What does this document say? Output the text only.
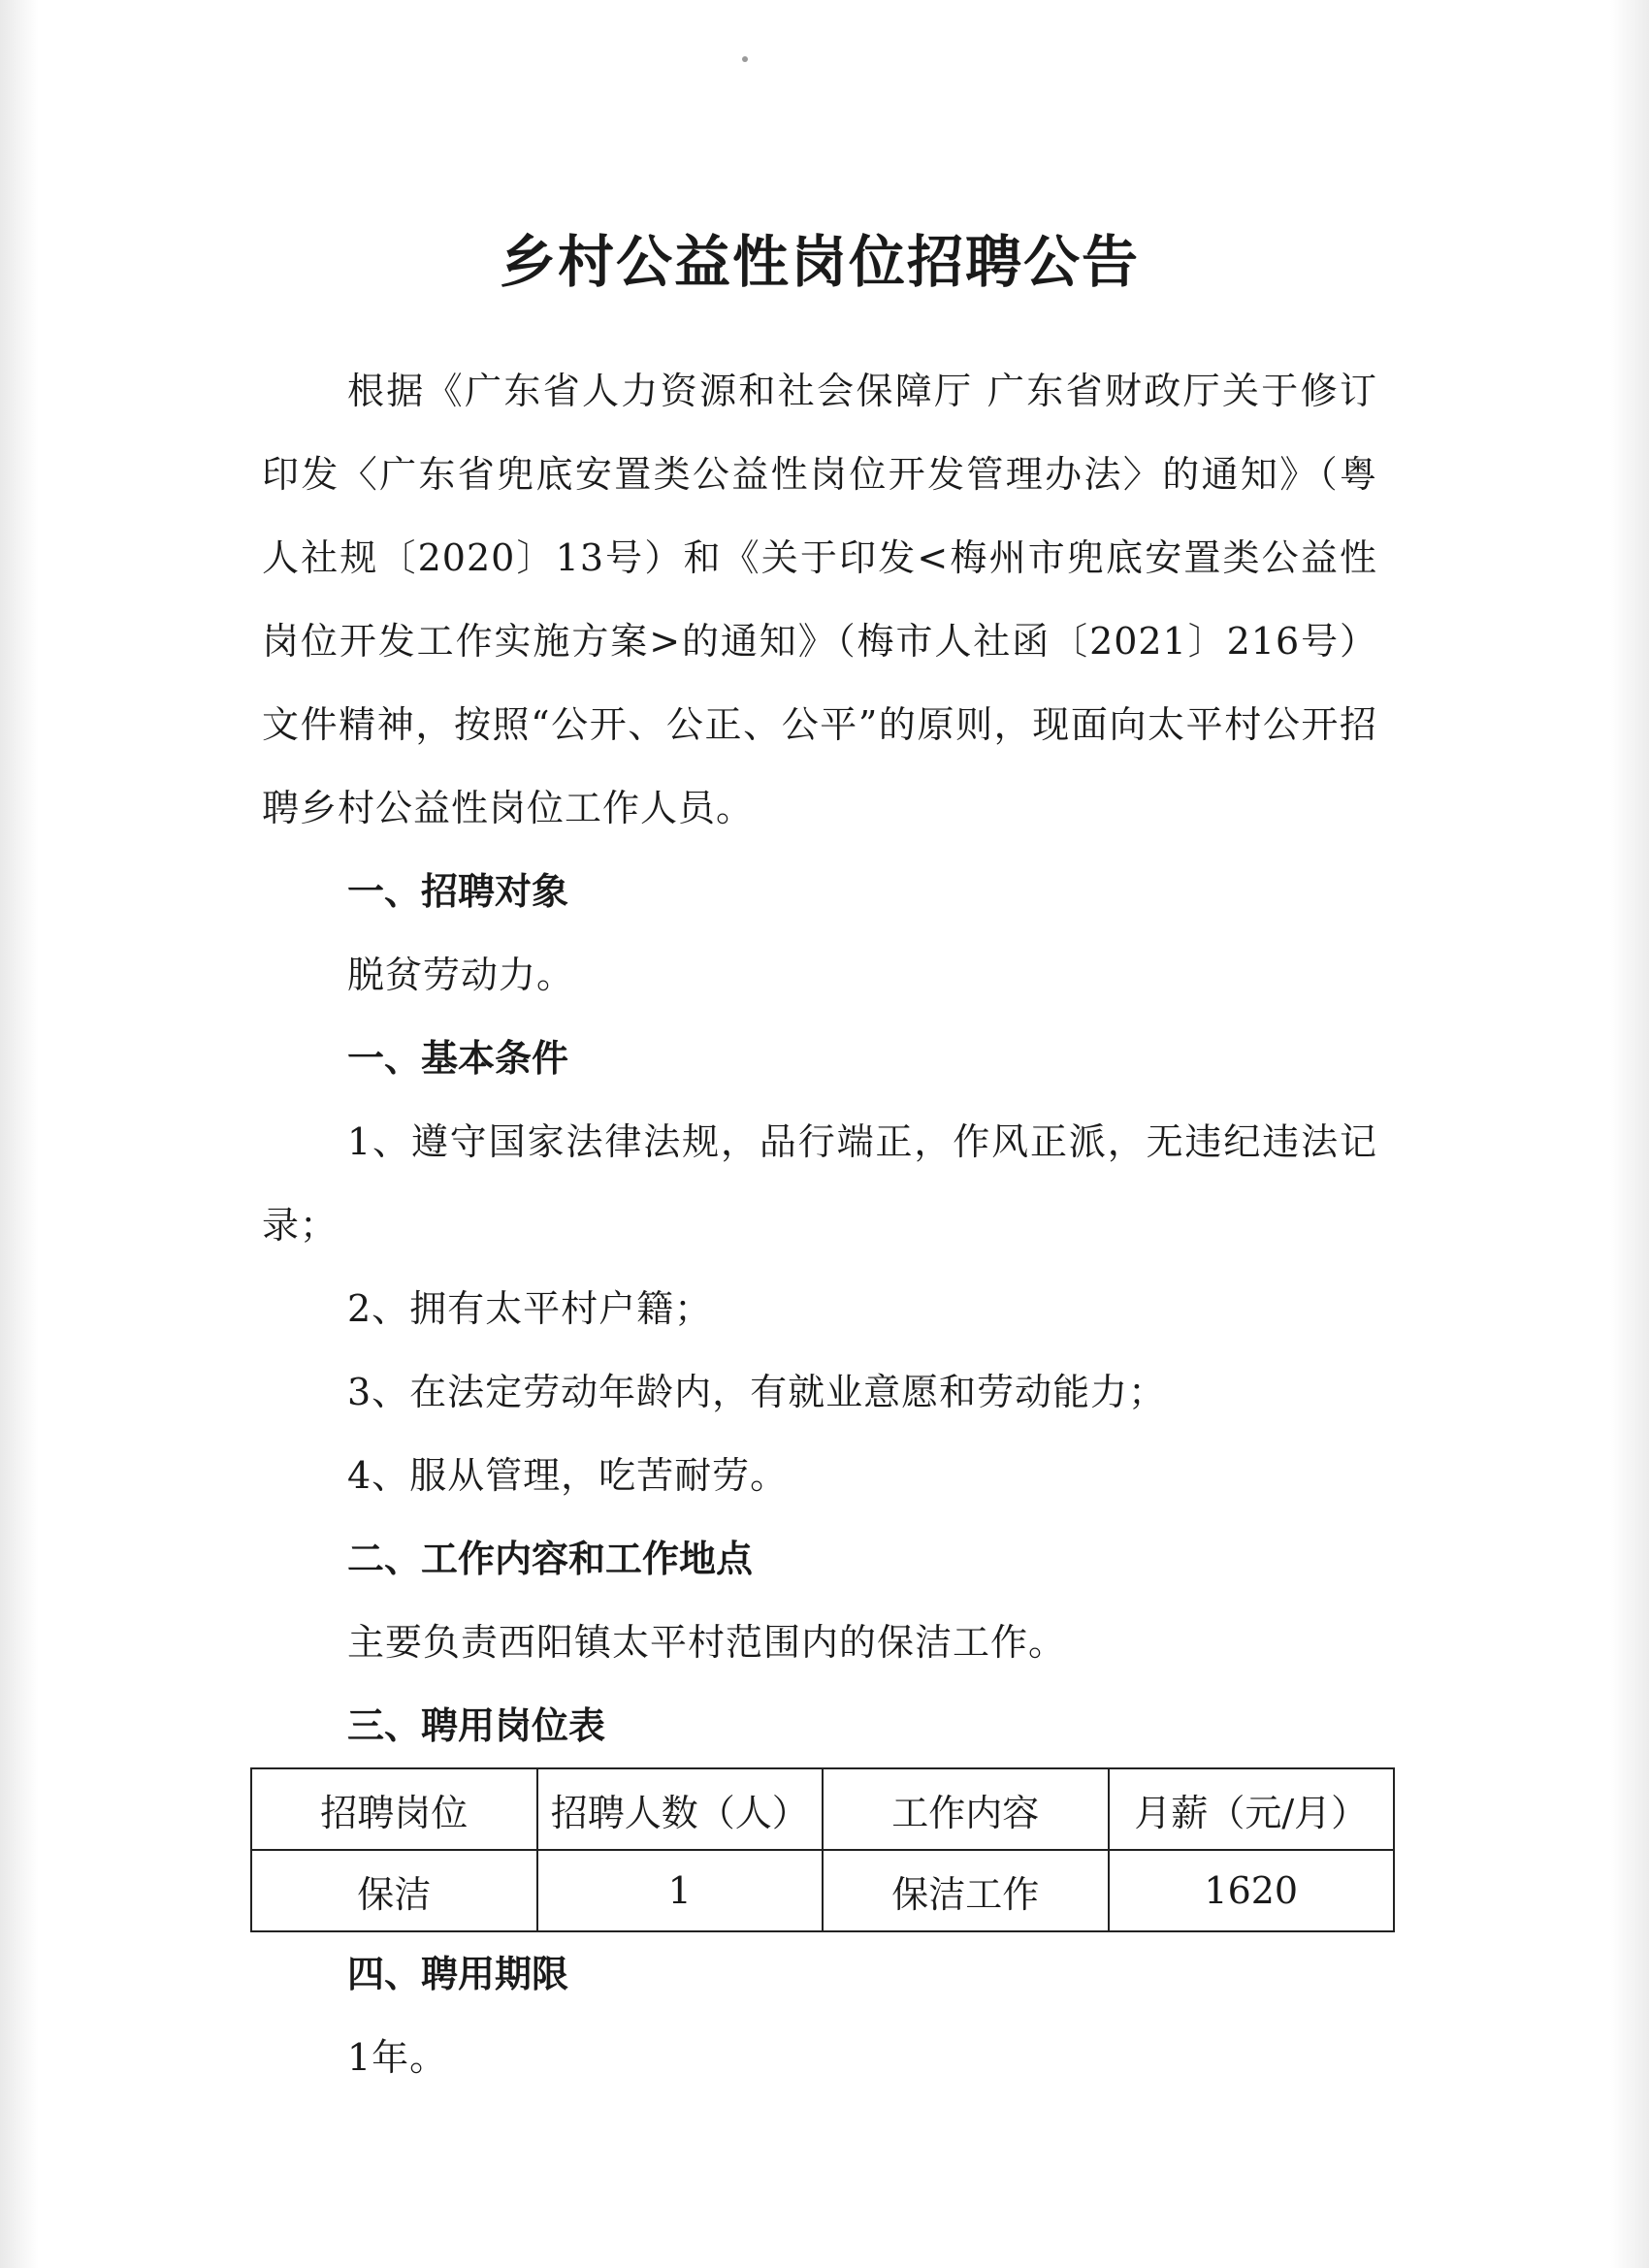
乡村公益性岗位招聘公告

根据《广东省人力资源和社会保障厅 广东省财政厅关于修订印发〈广东省兜底安置类公益性岗位开发管理办法〉的通知》（粤人社规〔2020〕13号）和《关于印发<梅州市兜底安置类公益性岗位开发工作实施方案>的通知》（梅市人社函〔2021〕216号）文件精神，按照“公开、公正、公平”的原则，现面向太平村公开招聘乡村公益性岗位工作人员。

一、招聘对象

脱贫劳动力。

一、基本条件

1、遵守国家法律法规，品行端正，作风正派，无违纪违法记录；

2、拥有太平村户籍；

3、在法定劳动年龄内，有就业意愿和劳动能力；

4、服从管理，吃苦耐劳。

二、工作内容和工作地点

主要负责西阳镇太平村范围内的保洁工作。

三、聘用岗位表

招聘岗位	招聘人数（人）	工作内容	月薪（元/月）
保洁	1	保洁工作	1620

四、聘用期限

1年。
